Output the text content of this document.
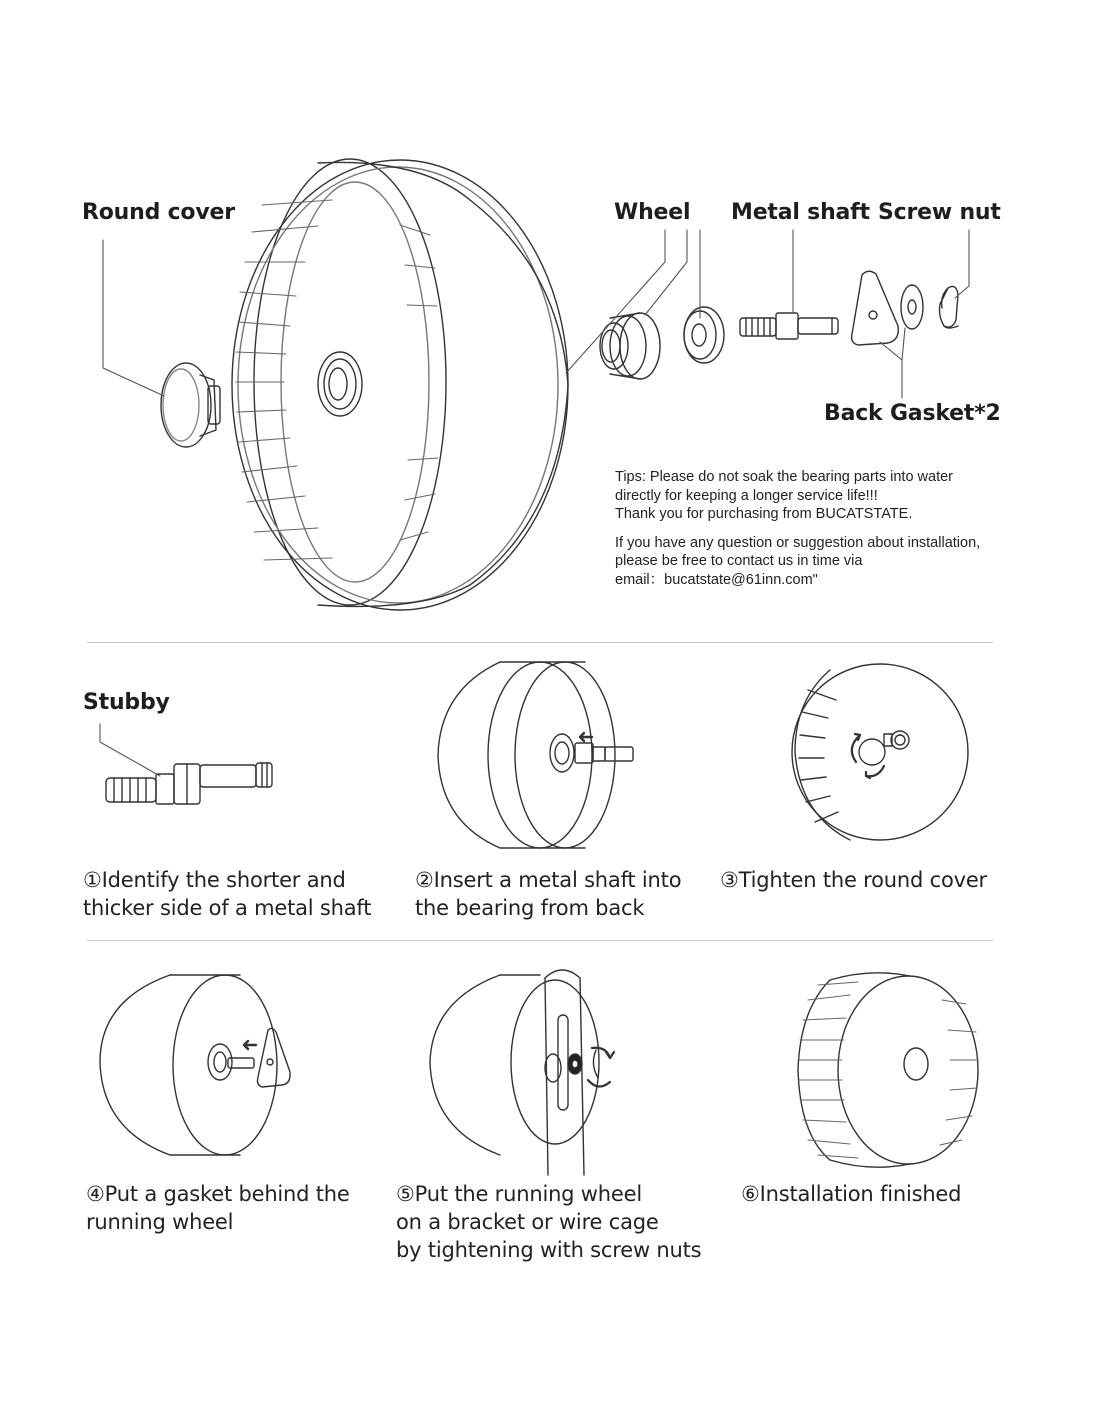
Round cover	Wheel Metal shaft Screw nut
Back Gasket*2
Tips: Please do not soak the bearing parts into water
directly for keeping a longer service life!!!
Thank you for purchasing from BUCATSTATE.
If you have any question or suggestion about installation,
please be free to contact us in time via
email：bucatstate@61inn.com"
Stubby
①Identify the shorter and
thicker side of a metal shaft
②Insert a metal shaft into
the bearing from back
③Tighten the round cover
④Put a gasket behind the
running wheel
⑤Put the running wheel
on a bracket or wire cage
by tightening with screw nuts
⑥Installation finished
